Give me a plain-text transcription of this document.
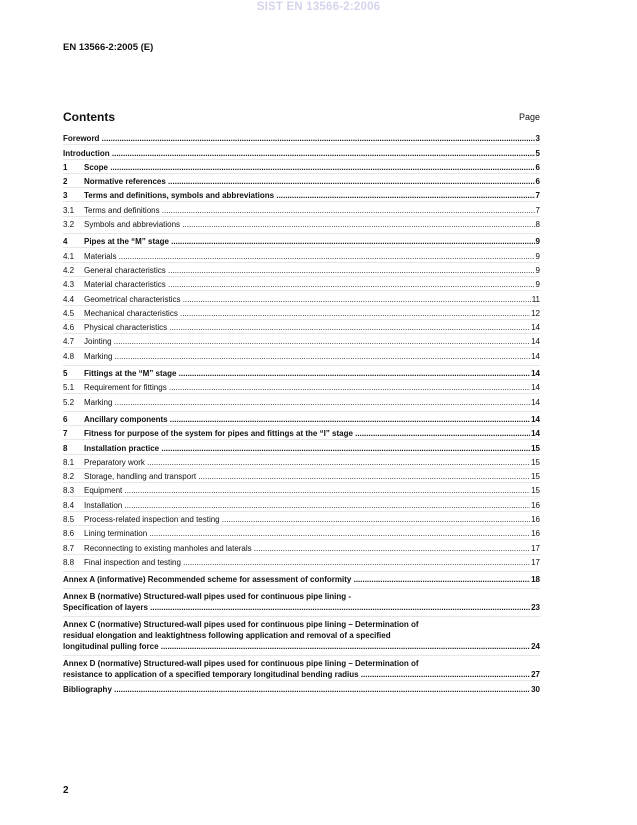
SIST EN 13566-2:2006
EN 13566-2:2005 (E)
Contents	Page
Foreword .....	3
Introduction .....	5
1	Scope .....	6
2	Normative references .....	6
3	Terms and definitions, symbols and abbreviations .....	7
3.1	Terms and definitions .....	7
3.2	Symbols and abbreviations .....	8
4	Pipes at the “M” stage .....	9
4.1	Materials .....	9
4.2	General characteristics .....	9
4.3	Material characteristics .....	9
4.4	Geometrical characteristics .....	11
4.5	Mechanical characteristics .....	12
4.6	Physical characteristics .....	14
4.7	Jointing .....	14
4.8	Marking .....	14
5	Fittings at the “M” stage .....	14
5.1	Requirement for fittings .....	14
5.2	Marking .....	14
6	Ancillary components .....	14
7	Fitness for purpose of the system for pipes and fittings at the “I” stage .....	14
8	Installation practice .....	15
8.1	Preparatory work .....	15
8.2	Storage, handling and transport .....	15
8.3	Equipment .....	15
8.4	Installation .....	16
8.5	Process-related inspection and testing .....	16
8.6	Lining termination .....	16
8.7	Reconnecting to existing manholes and laterals .....	17
8.8	Final inspection and testing .....	17
Annex A (informative) Recommended scheme for assessment of conformity .....	18
Annex B (normative) Structured-wall pipes used for continuous pipe lining -
Specification of layers .....	23
Annex C (normative) Structured-wall pipes used for continuous pipe lining – Determination of
residual elongation and leaktightness following application and removal of a specified
longitudinal pulling force .....	24
Annex D (normative) Structured-wall pipes used for continuous pipe lining – Determination of
resistance to application of a specified temporary longitudinal bending radius .....	27
Bibliography .....	30
2
